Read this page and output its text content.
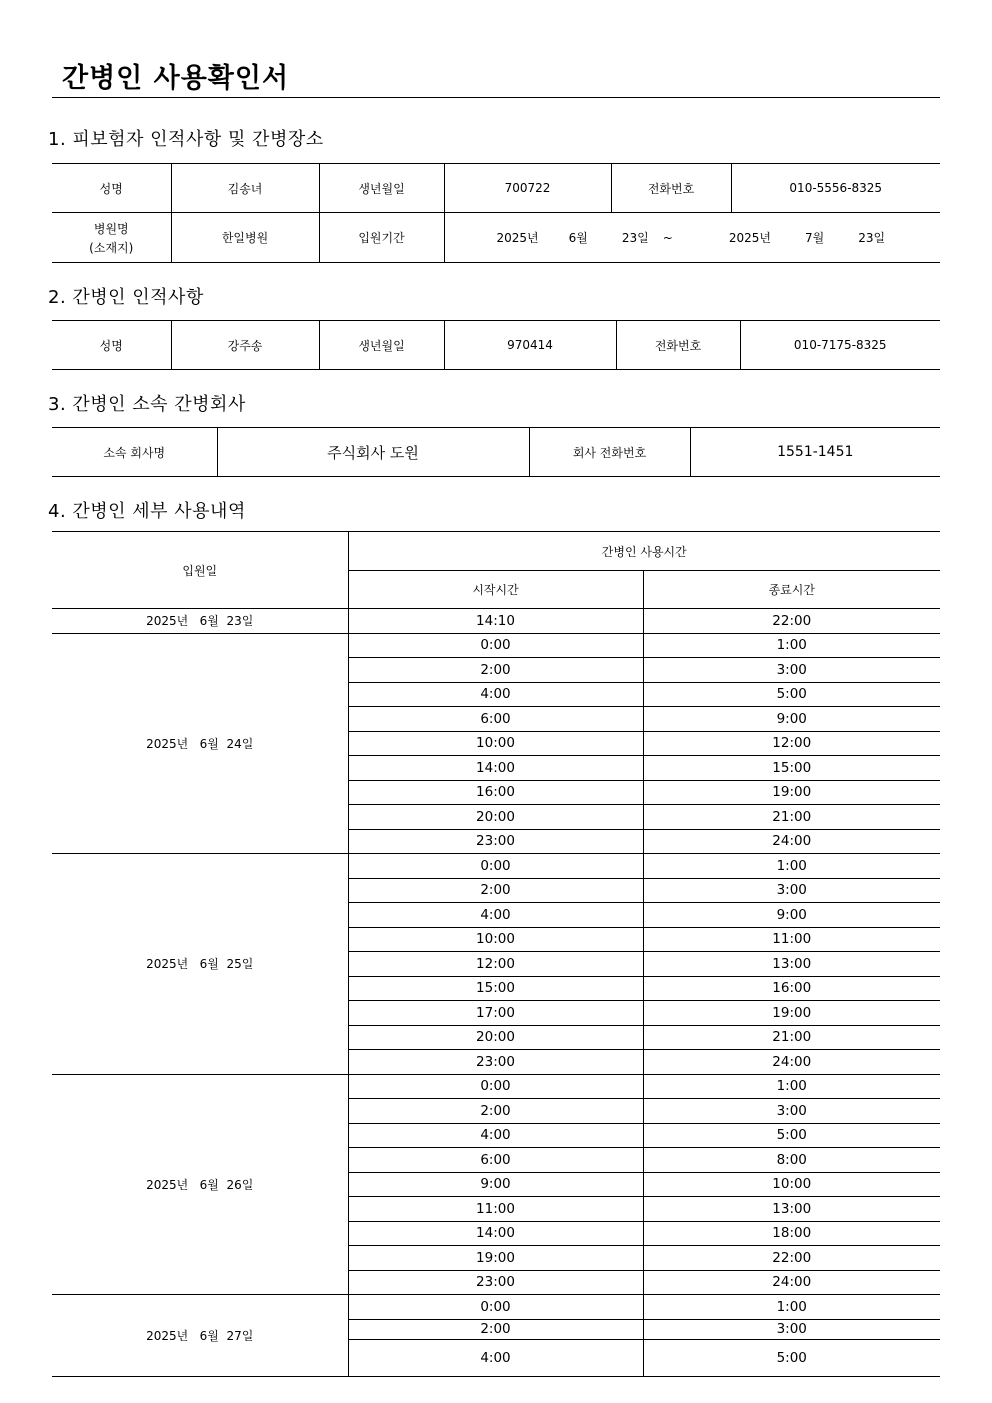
간병인 사용확인서
1. 피보험자 인적사항 및 간병장소
성명	김송녀	생년월일	700722	전화번호	010-5556-8325
병원명
(소재지)	한일병원	입원기간	2025년 6월 23일 ~ 2025년 7월 23일		
2. 간병인 인적사항
성명	강주송	생년월일	970414	전화번호	010-7175-8325
3. 간병인 소속 간병회사
소속 회사명	주식회사 도원	회사 전화번호	1551-1451
4. 간병인 세부 사용내역
입원일	간병인 사용시간	
	시작시간	종료시간
2025년   6월  23일	14:10	22:00
2025년   6월  24일	0:00	1:00
	2:00	3:00
	4:00	5:00
	6:00	9:00
	10:00	12:00
	14:00	15:00
	16:00	19:00
	20:00	21:00
	23:00	24:00
2025년   6월  25일	0:00	1:00
	2:00	3:00
	4:00	9:00
	10:00	11:00
	12:00	13:00
	15:00	16:00
	17:00	19:00
	20:00	21:00
	23:00	24:00
2025년   6월  26일	0:00	1:00
	2:00	3:00
	4:00	5:00
	6:00	8:00
	9:00	10:00
	11:00	13:00
	14:00	18:00
	19:00	22:00
	23:00	24:00
2025년   6월  27일	0:00	1:00
	2:00	3:00
	4:00	5:00
